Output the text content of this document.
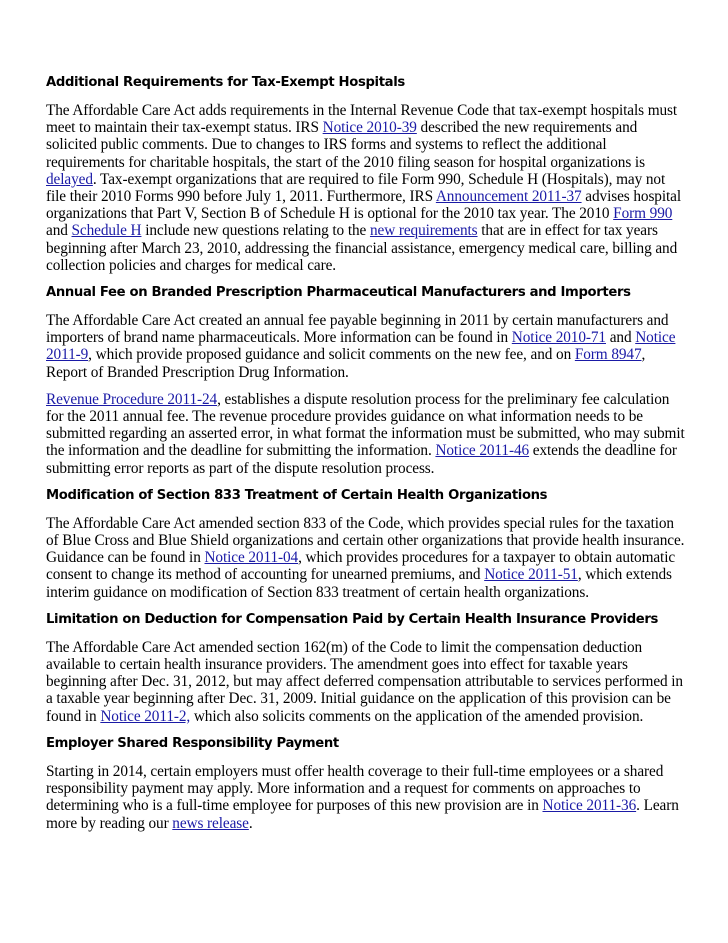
Additional Requirements for Tax-Exempt Hospitals

The Affordable Care Act adds requirements in the Internal Revenue Code that tax-exempt hospitals must meet to maintain their tax-exempt status. IRS Notice 2010-39 described the new requirements and solicited public comments. Due to changes to IRS forms and systems to reflect the additional requirements for charitable hospitals, the start of the 2010 filing season for hospital organizations is delayed. Tax-exempt organizations that are required to file Form 990, Schedule H (Hospitals), may not file their 2010 Forms 990 before July 1, 2011. Furthermore, IRS Announcement 2011-37 advises hospital organizations that Part V, Section B of Schedule H is optional for the 2010 tax year. The 2010 Form 990 and Schedule H include new questions relating to the new requirements that are in effect for tax years beginning after March 23, 2010, addressing the financial assistance, emergency medical care, billing and collection policies and charges for medical care.

Annual Fee on Branded Prescription Pharmaceutical Manufacturers and Importers

The Affordable Care Act created an annual fee payable beginning in 2011 by certain manufacturers and importers of brand name pharmaceuticals. More information can be found in Notice 2010-71 and Notice 2011-9, which provide proposed guidance and solicit comments on the new fee, and on Form 8947, Report of Branded Prescription Drug Information.

Revenue Procedure 2011-24, establishes a dispute resolution process for the preliminary fee calculation for the 2011 annual fee. The revenue procedure provides guidance on what information needs to be submitted regarding an asserted error, in what format the information must be submitted, who may submit the information and the deadline for submitting the information. Notice 2011-46 extends the deadline for submitting error reports as part of the dispute resolution process.

Modification of Section 833 Treatment of Certain Health Organizations

The Affordable Care Act amended section 833 of the Code, which provides special rules for the taxation of Blue Cross and Blue Shield organizations and certain other organizations that provide health insurance. Guidance can be found in Notice 2011-04, which provides procedures for a taxpayer to obtain automatic consent to change its method of accounting for unearned premiums, and Notice 2011-51, which extends interim guidance on modification of Section 833 treatment of certain health organizations.

Limitation on Deduction for Compensation Paid by Certain Health Insurance Providers

The Affordable Care Act amended section 162(m) of the Code to limit the compensation deduction available to certain health insurance providers. The amendment goes into effect for taxable years beginning after Dec. 31, 2012, but may affect deferred compensation attributable to services performed in a taxable year beginning after Dec. 31, 2009. Initial guidance on the application of this provision can be found in Notice 2011-2, which also solicits comments on the application of the amended provision.

Employer Shared Responsibility Payment

Starting in 2014, certain employers must offer health coverage to their full-time employees or a shared responsibility payment may apply. More information and a request for comments on approaches to determining who is a full-time employee for purposes of this new provision are in Notice 2011-36. Learn more by reading our news release.
